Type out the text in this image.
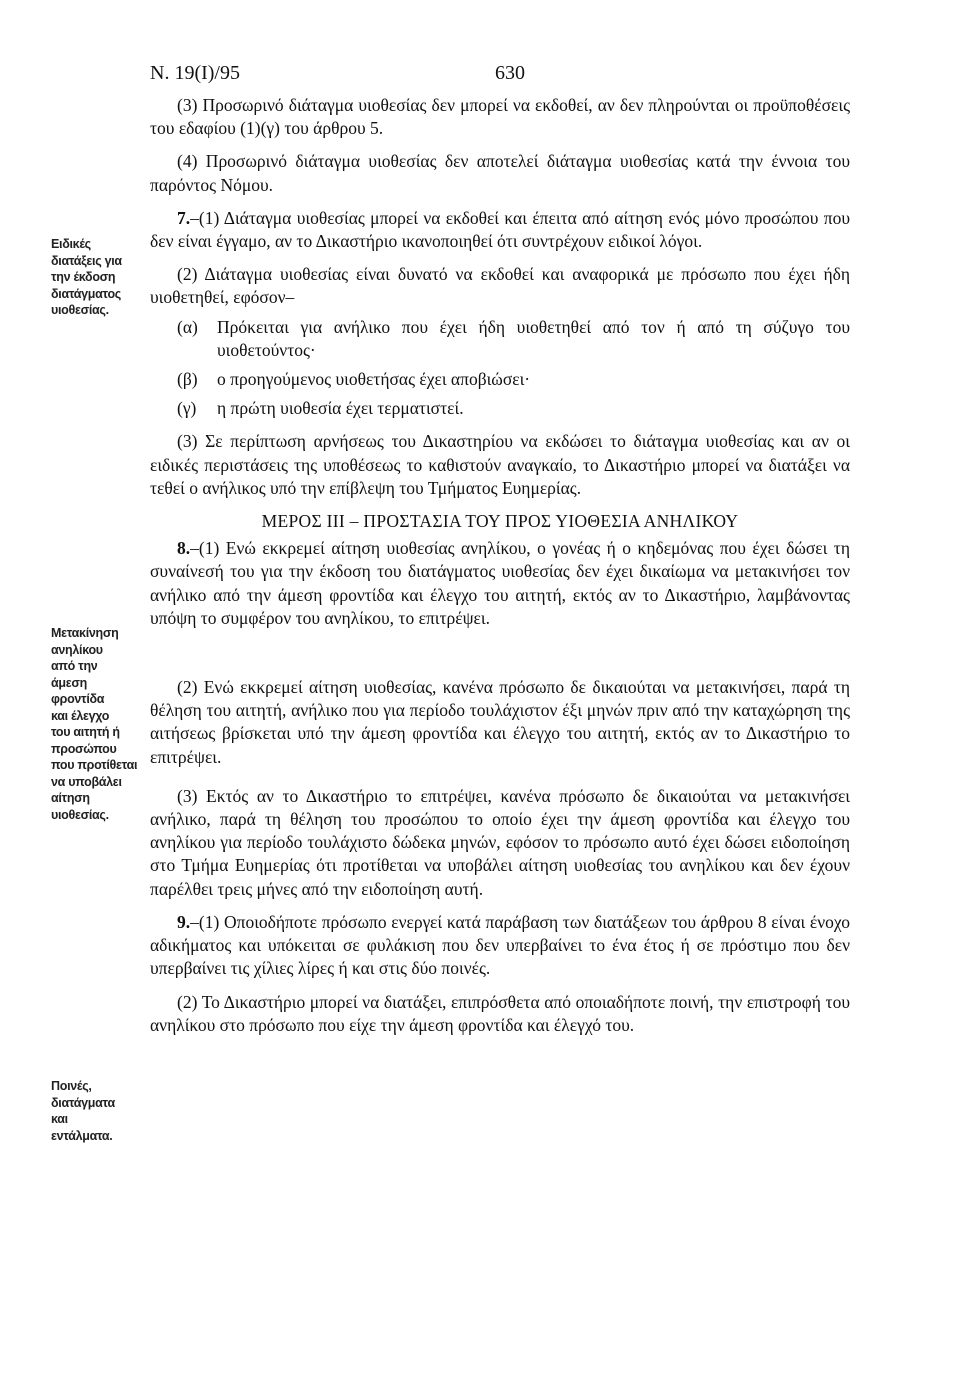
N. 19(I)/95	630
Ειδικές
διατάξεις για
την έκδοση
διατάγματος
υιοθεσίας.
Μετακίνηση
ανηλίκου
από την
άμεση
φροντίδα
και έλεγχο
του αιτητή ή
προσώπου
που προτίθεται
να υποβάλει
αίτηση
υιοθεσίας.
Ποινές,
διατάγματα
και
εντάλματα.

(3) Προσωρινό διάταγμα υιοθεσίας δεν μπορεί να εκδοθεί, αν δεν πληρούνται οι προϋποθέσεις του εδαφίου (1)(γ) του άρθρου 5.

(4) Προσωρινό διάταγμα υιοθεσίας δεν αποτελεί διάταγμα υιοθεσίας κατά την έννοια του παρόντος Νόμου.

7.–(1) Διάταγμα υιοθεσίας μπορεί να εκδοθεί και έπειτα από αίτηση ενός μόνο προσώπου που δεν είναι έγγαμο, αν το Δικαστήριο ικανοποιηθεί ότι συντρέχουν ειδικοί λόγοι.

(2) Διάταγμα υιοθεσίας είναι δυνατό να εκδοθεί και αναφορικά με πρόσωπο που έχει ήδη υιοθετηθεί, εφόσον–

(α)	Πρόκειται για ανήλικο που έχει ήδη υιοθετηθεί από τον ή από τη σύζυγο του υιοθετούντος·
(β)	ο προηγούμενος υιοθετήσας έχει αποβιώσει·
(γ)	η πρώτη υιοθεσία έχει τερματιστεί.

(3) Σε περίπτωση αρνήσεως του Δικαστηρίου να εκδώσει το διάταγμα υιοθεσίας και αν οι ειδικές περιστάσεις της υποθέσεως το καθιστούν αναγκαίο, το Δικαστήριο μπορεί να διατάξει να τεθεί ο ανήλικος υπό την επίβλεψη του Τμήματος Ευημερίας.

ΜΕΡΟΣ ΙΙΙ – ΠΡΟΣΤΑΣΙΑ ΤΟΥ ΠΡΟΣ ΥΙΟΘΕΣΙΑ ΑΝΗΛΙΚΟΥ

8.–(1) Ενώ εκκρεμεί αίτηση υιοθεσίας ανηλίκου, ο γονέας ή ο κηδεμόνας που έχει δώσει τη συναίνεσή του για την έκδοση του διατάγματος υιοθεσίας δεν έχει δικαίωμα να μετακινήσει τον ανήλικο από την άμεση φροντίδα και έλεγχο του αιτητή, εκτός αν το Δικαστήριο, λαμβάνοντας υπόψη το συμφέρον του ανηλίκου, το επιτρέψει.

(2) Ενώ εκκρεμεί αίτηση υιοθεσίας, κανένα πρόσωπο δε δικαιούται να μετακινήσει, παρά τη θέληση του αιτητή, ανήλικο που για περίοδο τουλάχιστον έξι μηνών πριν από την καταχώρηση της αιτήσεως βρίσκεται υπό την άμεση φροντίδα και έλεγχο του αιτητή, εκτός αν το Δικαστήριο το επιτρέψει.

(3) Εκτός αν το Δικαστήριο το επιτρέψει, κανένα πρόσωπο δε δικαιούται να μετακινήσει ανήλικο, παρά τη θέληση του προσώπου το οποίο έχει την άμεση φροντίδα και έλεγχο του ανηλίκου για περίοδο τουλάχιστο δώδεκα μηνών, εφόσον το πρόσωπο αυτό έχει δώσει ειδοποίηση στο Τμήμα Ευημερίας ότι προτίθεται να υποβάλει αίτηση υιοθεσίας του ανηλίκου και δεν έχουν παρέλθει τρεις μήνες από την ειδοποίηση αυτή.

9.–(1) Οποιοδήποτε πρόσωπο ενεργεί κατά παράβαση των διατάξεων του άρθρου 8 είναι ένοχο αδικήματος και υπόκειται σε φυλάκιση που δεν υπερβαίνει το ένα έτος ή σε πρόστιμο που δεν υπερβαίνει τις χίλιες λίρες ή και στις δύο ποινές.

(2) Το Δικαστήριο μπορεί να διατάξει, επιπρόσθετα από οποιαδήποτε ποινή, την επιστροφή του ανηλίκου στο πρόσωπο που είχε την άμεση φροντίδα και έλεγχό του.
